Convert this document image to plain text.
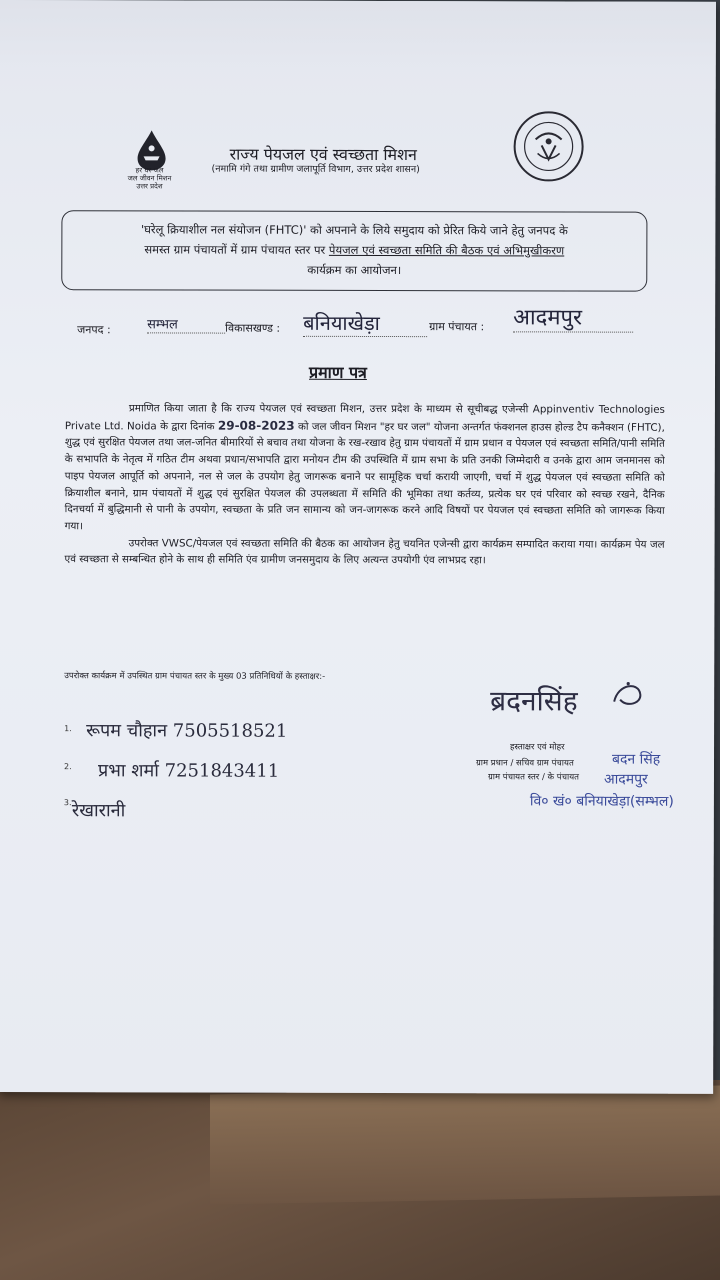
हर घर जल
जल जीवन मिशन
उत्तर प्रदेश
राज्य पेयजल एवं स्वच्छता मिशन
(नमामि गंगे तथा ग्रामीण जलापूर्ति विभाग, उत्तर प्रदेश शासन)
'घरेलू क्रियाशील नल संयोजन (FHTC)' को अपनाने के लिये समुदाय को प्रेरित किये जाने हेतु जनपद के
समस्त ग्राम पंचायतों में ग्राम पंचायत स्तर पर पेयजल एवं स्वच्छता समिति की बैठक एवं अभिमुखीकरण
कार्यक्रम का आयोजन।
जनपद :	सम्भल	विकासखण्ड : बनियाखेड़ा	ग्राम पंचायत : आदमपुर
प्रमाण पत्र

प्रमाणित किया जाता है कि राज्य पेयजल एवं स्वच्छता मिशन, उत्तर प्रदेश के माध्यम से सूचीबद्ध एजेन्सी Appinventiv Technologies Private Ltd. Noida के द्वारा दिनांक 29-08-2023 को जल जीवन मिशन "हर घर जल" योजना अन्तर्गत फंक्शनल हाउस होल्ड टैप कनैक्शन (FHTC), शुद्ध एवं सुरक्षित पेयजल तथा जल-जनित बीमारियों से बचाव तथा योजना के रख-रखाव हेतु ग्राम पंचायतों में ग्राम प्रधान व पेयजल एवं स्वच्छता समिति/पानी समिति के सभापति के नेतृत्व में गठित टीम अथवा प्रधान/सभापति द्वारा मनोयन टीम की उपस्थिति में ग्राम सभा के प्रति उनकी जिम्मेदारी व उनके द्वारा आम जनमानस को पाइप पेयजल आपूर्ति को अपनाने, नल से जल के उपयोग हेतु जागरूक बनाने पर सामूहिक चर्चा करायी जाएगी, चर्चा में शुद्ध पेयजल एवं स्वच्छता समिति को क्रियाशील बनाने, ग्राम पंचायतों में शुद्ध एवं सुरक्षित पेयजल की उपलब्धता में समिति की भूमिका तथा कर्तव्य, प्रत्येक घर एवं परिवार को स्वच्छ रखने, दैनिक दिनचर्या में बुद्धिमानी से पानी के उपयोग, स्वच्छता के प्रति जन सामान्य को जन-जागरूक करने आदि विषयों पर पेयजल एवं स्वच्छता समिति को जागरूक किया गया।

उपरोक्त VWSC/पेयजल एवं स्वच्छता समिति की बैठक का आयोजन हेतु चयनित एजेन्सी द्वारा कार्यक्रम सम्पादित कराया गया। कार्यक्रम पेय जल एवं स्वच्छता से सम्बन्धित होने के साथ ही समिति एंव ग्रामीण जनसमुदाय के लिए अत्यन्त उपयोगी एंव लाभप्रद रहा।

उपरोक्त कार्यक्रम में उपस्थित ग्राम पंचायत स्तर के मुख्य 03 प्रतिनिधियों के हस्ताक्षर:-
1. रूपम चौहान 7505518521
2. प्रभा शर्मा 7251843411
3. रेखारानी
ब्रदनसिंह
हस्ताक्षर एवं मोहर
ग्राम प्रधान / सचिव ग्राम पंचायत
ग्राम पंचायत स्तर / के पंचायत
बदन सिंह
आदमपुर
वि० खं० बनियाखेड़ा(सम्भल)
